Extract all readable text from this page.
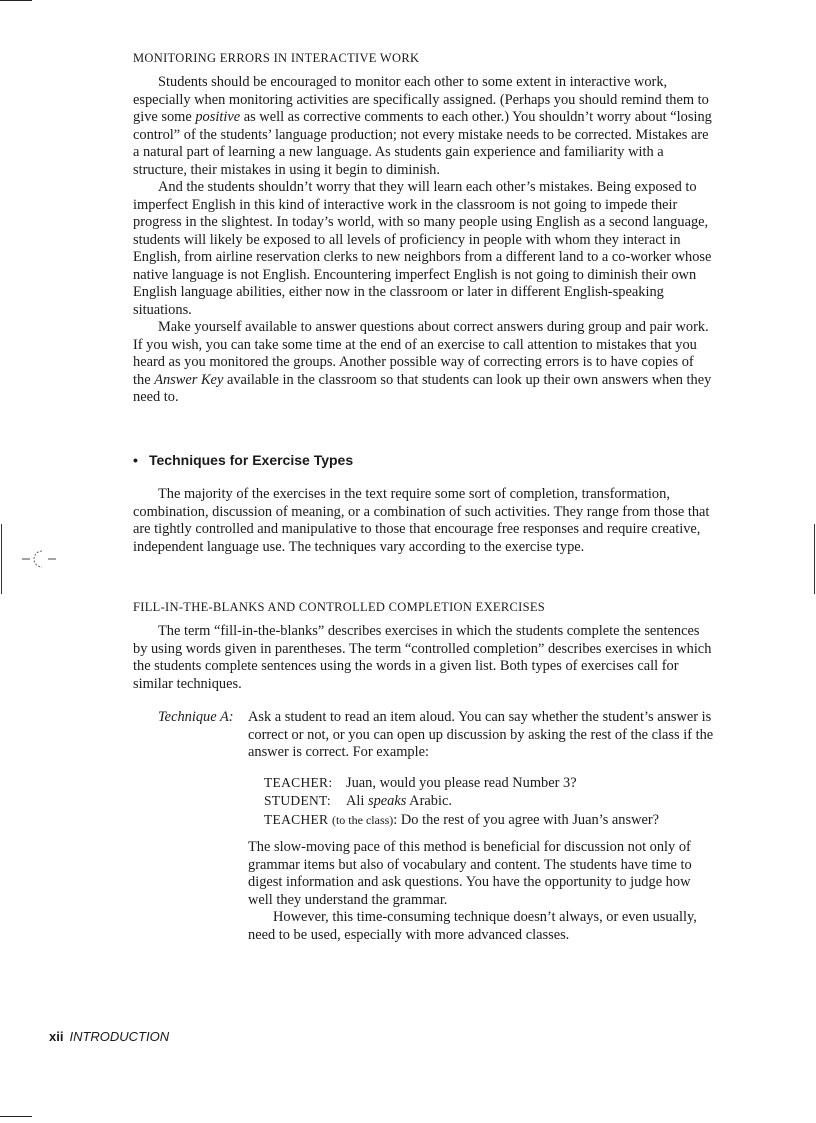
MONITORING ERRORS IN INTERACTIVE WORK

Students should be encouraged to monitor each other to some extent in interactive work, especially when monitoring activities are specifically assigned. (Perhaps you should remind them to give some positive as well as corrective comments to each other.) You shouldn’t worry about “losing control” of the students’ language production; not every mistake needs to be corrected. Mistakes are a natural part of learning a new language. As students gain experience and familiarity with a structure, their mistakes in using it begin to diminish.

And the students shouldn’t worry that they will learn each other’s mistakes. Being exposed to imperfect English in this kind of interactive work in the classroom is not going to impede their progress in the slightest. In today’s world, with so many people using English as a second language, students will likely be exposed to all levels of proficiency in people with whom they interact in English, from airline reservation clerks to new neighbors from a different land to a co-worker whose native language is not English. Encountering imperfect English is not going to diminish their own English language abilities, either now in the classroom or later in different English-speaking situations.

Make yourself available to answer questions about correct answers during group and pair work. If you wish, you can take some time at the end of an exercise to call attention to mistakes that you heard as you monitored the groups. Another possible way of correcting errors is to have copies of the Answer Key available in the classroom so that students can look up their own answers when they need to.

• Techniques for Exercise Types

The majority of the exercises in the text require some sort of completion, transformation, combination, discussion of meaning, or a combination of such activities. They range from those that are tightly controlled and manipulative to those that encourage free responses and require creative, independent language use. The techniques vary according to the exercise type.

FILL-IN-THE-BLANKS AND CONTROLLED COMPLETION EXERCISES

The term “fill-in-the-blanks” describes exercises in which the students complete the sentences by using words given in parentheses. The term “controlled completion” describes exercises in which the students complete sentences using the words in a given list. Both types of exercises call for similar techniques.

Technique A: Ask a student to read an item aloud. You can say whether the student’s answer is correct or not, or you can open up discussion by asking the rest of the class if the answer is correct. For example:

TEACHER: Juan, would you please read Number 3?
STUDENT: Ali speaks Arabic.
TEACHER (to the class): Do the rest of you agree with Juan’s answer?

The slow-moving pace of this method is beneficial for discussion not only of grammar items but also of vocabulary and content. The students have time to digest information and ask questions. You have the opportunity to judge how well they understand the grammar.

However, this time-consuming technique doesn’t always, or even usually, need to be used, especially with more advanced classes.

xii INTRODUCTION
